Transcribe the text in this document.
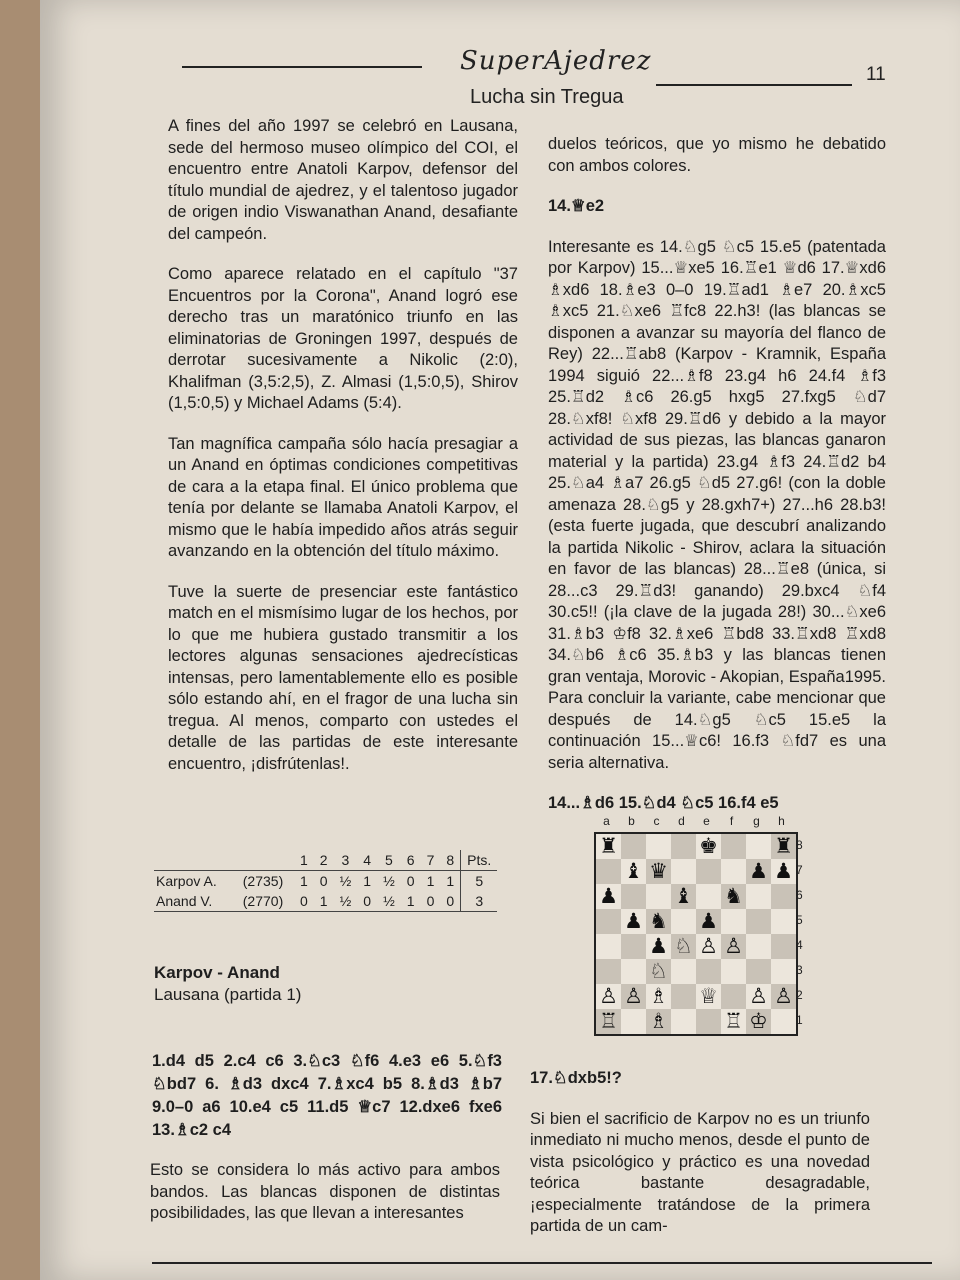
SuperAjedrez	11
Lucha sin Tregua

A fines del año 1997 se celebró en Lausana, sede del hermoso museo olímpico del COI, el encuentro entre Anatoli Karpov, defensor del título mundial de ajedrez, y el talentoso jugador de origen indio Viswanathan Anand, desafiante del campeón.

Como aparece relatado en el capítulo "37 Encuentros por la Corona", Anand logró ese derecho tras un maratónico triunfo en las eliminatorias de Groningen 1997, después de derrotar sucesivamente a Nikolic (2:0), Khalifman (3,5:2,5), Z. Almasi (1,5:0,5), Shirov (1,5:0,5) y Michael Adams (5:4).

Tan magnífica campaña sólo hacía presagiar a un Anand en óptimas condiciones competitivas de cara a la etapa final. El único problema que tenía por delante se llamaba Anatoli Karpov, el mismo que le había impedido años atrás seguir avanzando en la obtención del título máximo.

Tuve la suerte de presenciar este fantástico match en el mismísimo lugar de los hechos, por lo que me hubiera gustado transmitir a los lectores algunas sensaciones ajedrecísticas intensas, pero lamentablemente ello es posible sólo estando ahí, en el fragor de una lucha sin tregua. Al menos, comparto con ustedes el detalle de las partidas de este interesante encuentro, ¡disfrútenlas!.

		1	2	3	4	5	6	7	8	Pts.
Karpov A.	(2735)	1	0	½	1	½	0	1	1	5
Anand V.	(2770)	0	1	½	0	½	1	0	0	3
Karpov - Anand
Lausana (partida 1)
1.d4 d5 2.c4 c6 3.♘c3 ♘f6 4.e3 e6 5.♘f3 ♘bd7 6. ♗d3 dxc4 7.♗xc4 b5 8.♗d3 ♗b7 9.0–0 a6 10.e4 c5 11.d5 ♕c7 12.dxe6 fxe6 13.♗c2 c4
Esto se considera lo más activo para ambos bandos. Las blancas disponen de distintas posibilidades, las que llevan a interesantes

duelos teóricos, que yo mismo he debatido con ambos colores.

14.♕e2

Interesante es 14.♘g5 ♘c5 15.e5 (patentada por Karpov) 15...♕xe5 16.♖e1 ♕d6 17.♕xd6 ♗xd6 18.♗e3 0–0 19.♖ad1 ♗e7 20.♗xc5 ♗xc5 21.♘xe6 ♖fc8 22.h3! (las blancas se disponen a avanzar su mayoría del flanco de Rey) 22...♖ab8 (Karpov - Kramnik, España 1994 siguió 22...♗f8 23.g4 h6 24.f4 ♗f3 25.♖d2 ♗c6 26.g5 hxg5 27.fxg5 ♘d7 28.♘xf8! ♘xf8 29.♖d6 y debido a la mayor actividad de sus piezas, las blancas ganaron material y la partida) 23.g4 ♗f3 24.♖d2 b4 25.♘a4 ♗a7 26.g5 ♘d5 27.g6! (con la doble amenaza 28.♘g5 y 28.gxh7+) 27...h6 28.b3! (esta fuerte jugada, que descubrí analizando la partida Nikolic - Shirov, aclara la situación en favor de las blancas) 28...♖e8 (única, si 28...c3 29.♖d3! ganando) 29.bxc4 ♘f4 30.c5!! (¡la clave de la jugada 28!) 30...♘xe6 31.♗b3 ♔f8 32.♗xe6 ♖bd8 33.♖xd8 ♖xd8 34.♘b6 ♗c6 35.♗b3 y las blancas tienen gran ventaja, Morovic - Akopian, España1995. Para concluir la variante, cabe mencionar que después de 14.♘g5 ♘c5 15.e5 la continuación 15...♕c6! 16.f3 ♘fd7 es una seria alternativa.

14...♗d6 15.♘d4 ♘c5 16.f4 e5

a	b	c	d	e	f	g	h
8
7
6
5
4
3
2
1
♜	♚	♜
♝ ♛	♟ ♟
♟	♝ ♞
♟ ♞ ♟
♟ ♘ ♙ ♙
♘
♙ ♙ ♗ ♕ ♙ ♙
♖ ♗	♖ ♔

17.♘dxb5!?

Si bien el sacrificio de Karpov no es un triunfo inmediato ni mucho menos, desde el punto de vista psicológico y práctico es una novedad teórica bastante desagradable, ¡especialmente tratándose de la primera partida de un cam-
